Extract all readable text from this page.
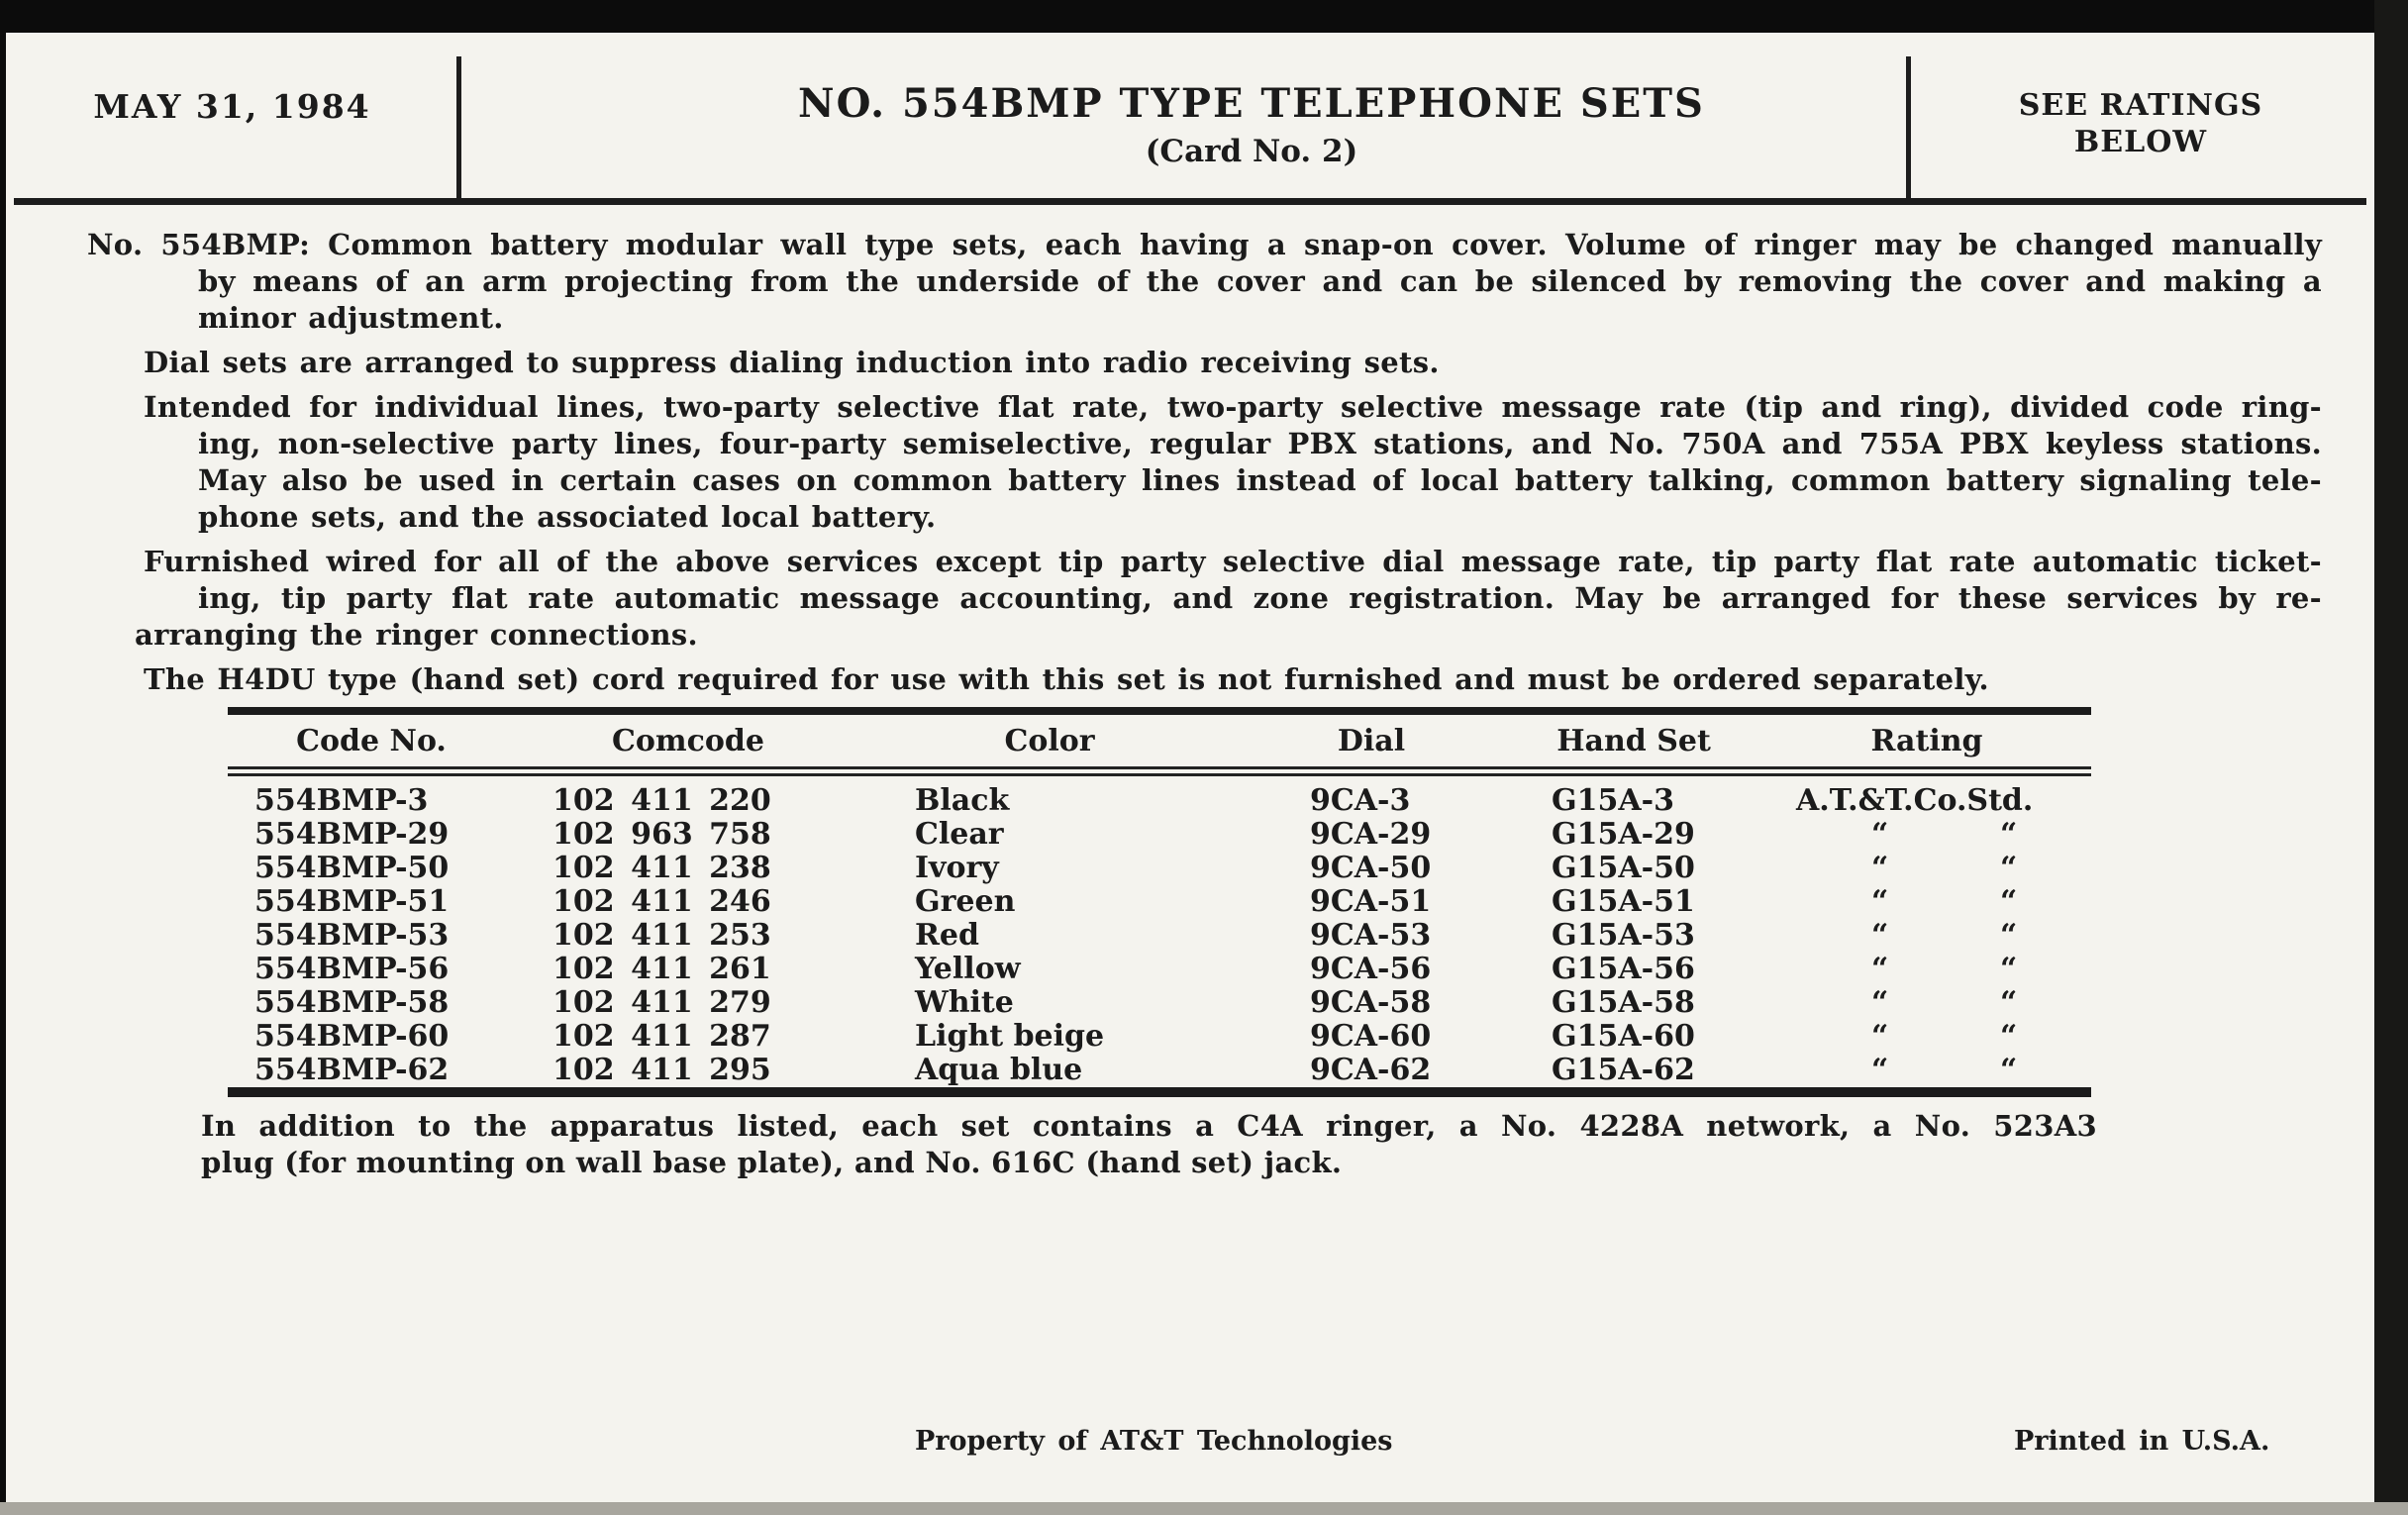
MAY 31, 1984	NO. 554BMP TYPE TELEPHONE SETS
(Card No. 2)
SEE RATINGS
BELOW
No. 554BMP: Common battery modular wall type sets, each having a snap-on cover. Volume of ringer may be changed manually
by means of an arm projecting from the underside of the cover and can be silenced by removing the cover and making a
minor adjustment.
Dial sets are arranged to suppress dialing induction into radio receiving sets.
Intended for individual lines, two-party selective flat rate, two-party selective message rate (tip and ring), divided code ring-
ing, non-selective party lines, four-party semiselective, regular PBX stations, and No. 750A and 755A PBX keyless stations.
May also be used in certain cases on common battery lines instead of local battery talking, common battery signaling tele-
phone sets, and the associated local battery.
Furnished wired for all of the above services except tip party selective dial message rate, tip party flat rate automatic ticket-
ing, tip party flat rate automatic message accounting, and zone registration. May be arranged for these services by re-
arranging the ringer connections.
The H4DU type (hand set) cord required for use with this set is not furnished and must be ordered separately.
Code No.	Comcode	Color	Dial	Hand Set	Rating
554BMP-3	102 411 220	Black	9CA-3	G15A-3	A.T.&T.Co.Std.
554BMP-29	102 963 758	Clear	9CA-29	G15A-29	“	“
554BMP-50	102 411 238	Ivory	9CA-50	G15A-50	“	“
554BMP-51	102 411 246	Green	9CA-51	G15A-51	“	“
554BMP-53	102 411 253	Red	9CA-53	G15A-53	“	“
554BMP-56	102 411 261	Yellow	9CA-56	G15A-56	“	“
554BMP-58	102 411 279	White	9CA-58	G15A-58	“	“
554BMP-60	102 411 287	Light beige	9CA-60	G15A-60	“	“
554BMP-62	102 411 295	Aqua blue	9CA-62	G15A-62	“	“
In addition to the apparatus listed, each set contains a C4A ringer, a No. 4228A network, a No. 523A3
plug (for mounting on wall base plate), and No. 616C (hand set) jack.
Property of AT&T Technologies	Printed in U.S.A.
